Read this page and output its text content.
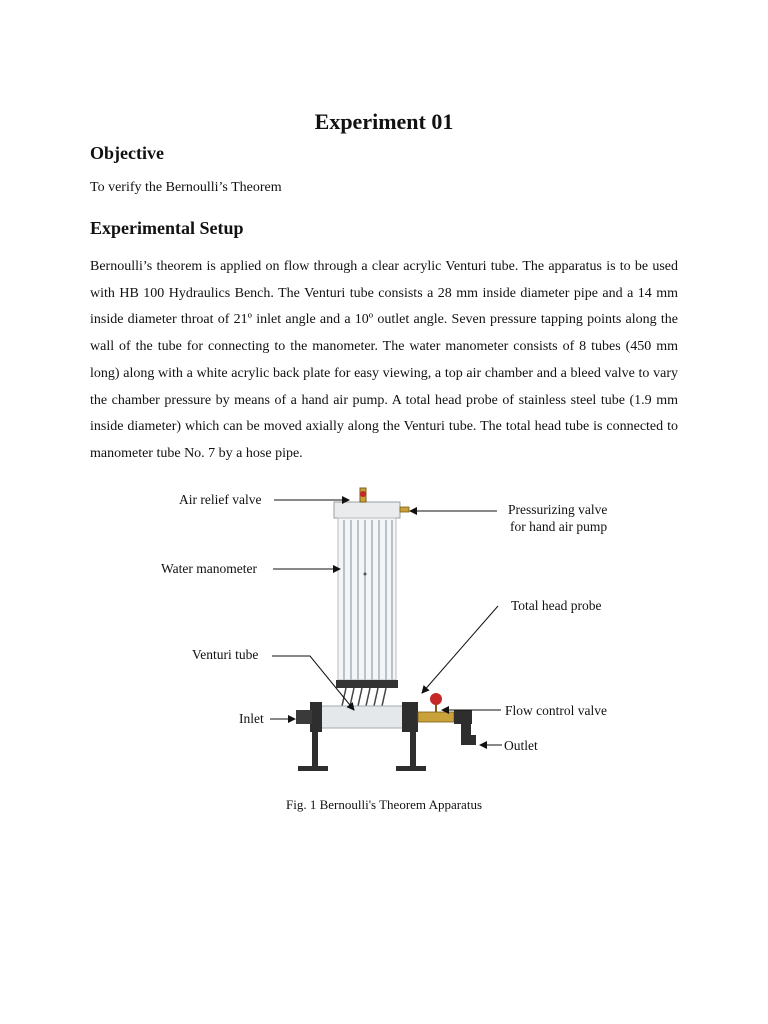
Experiment 01
Objective

To verify the Bernoulli’s Theorem

Experimental Setup

Bernoulli’s theorem is applied on flow through a clear acrylic Venturi tube. The apparatus is to be used with HB 100 Hydraulics Bench. The Venturi tube consists a 28 mm inside diameter pipe and a 14 mm inside diameter throat of 21º inlet angle and a 10º outlet angle. Seven pressure tapping points along the wall of the tube for connecting to the manometer. The water manometer consists of 8 tubes (450 mm long) along with a white acrylic back plate for easy viewing, a top air chamber and a bleed valve to vary the chamber pressure by means of a hand air pump. A total head probe of stainless steel tube (1.9 mm inside diameter) which can be moved axially along the Venturi tube. The total head tube is connected to manometer tube No. 7 by a hose pipe.

Air relief valve
Pressurizing valve
for hand air pump
Water manometer
Total head probe
Venturi tube
Inlet
Flow control valve
Outlet

Fig. 1 Bernoulli's Theorem Apparatus
